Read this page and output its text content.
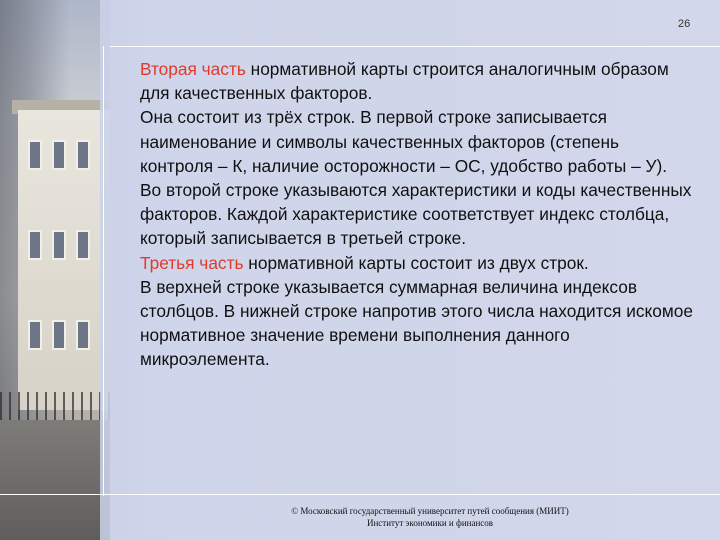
26

Вторая часть нормативной карты строится аналогичным образом для качественных факторов.

Она состоит из трёх строк. В первой строке записывается наименование и символы качественных факторов (степень контроля – К, наличие осторожности – ОС, удобство работы – У). Во второй строке указываются характеристики и коды качественных факторов. Каждой характеристике соответствует индекс столбца, который записывается в третьей строке.

Третья часть нормативной карты состоит из двух строк.

В верхней строке указывается суммарная величина индексов столбцов. В нижней строке напротив этого числа находится искомое нормативное значение времени выполнения данного микроэлемента.

© Московский государственный университет путей сообщения (МИИТ)
Институт экономики и финансов
